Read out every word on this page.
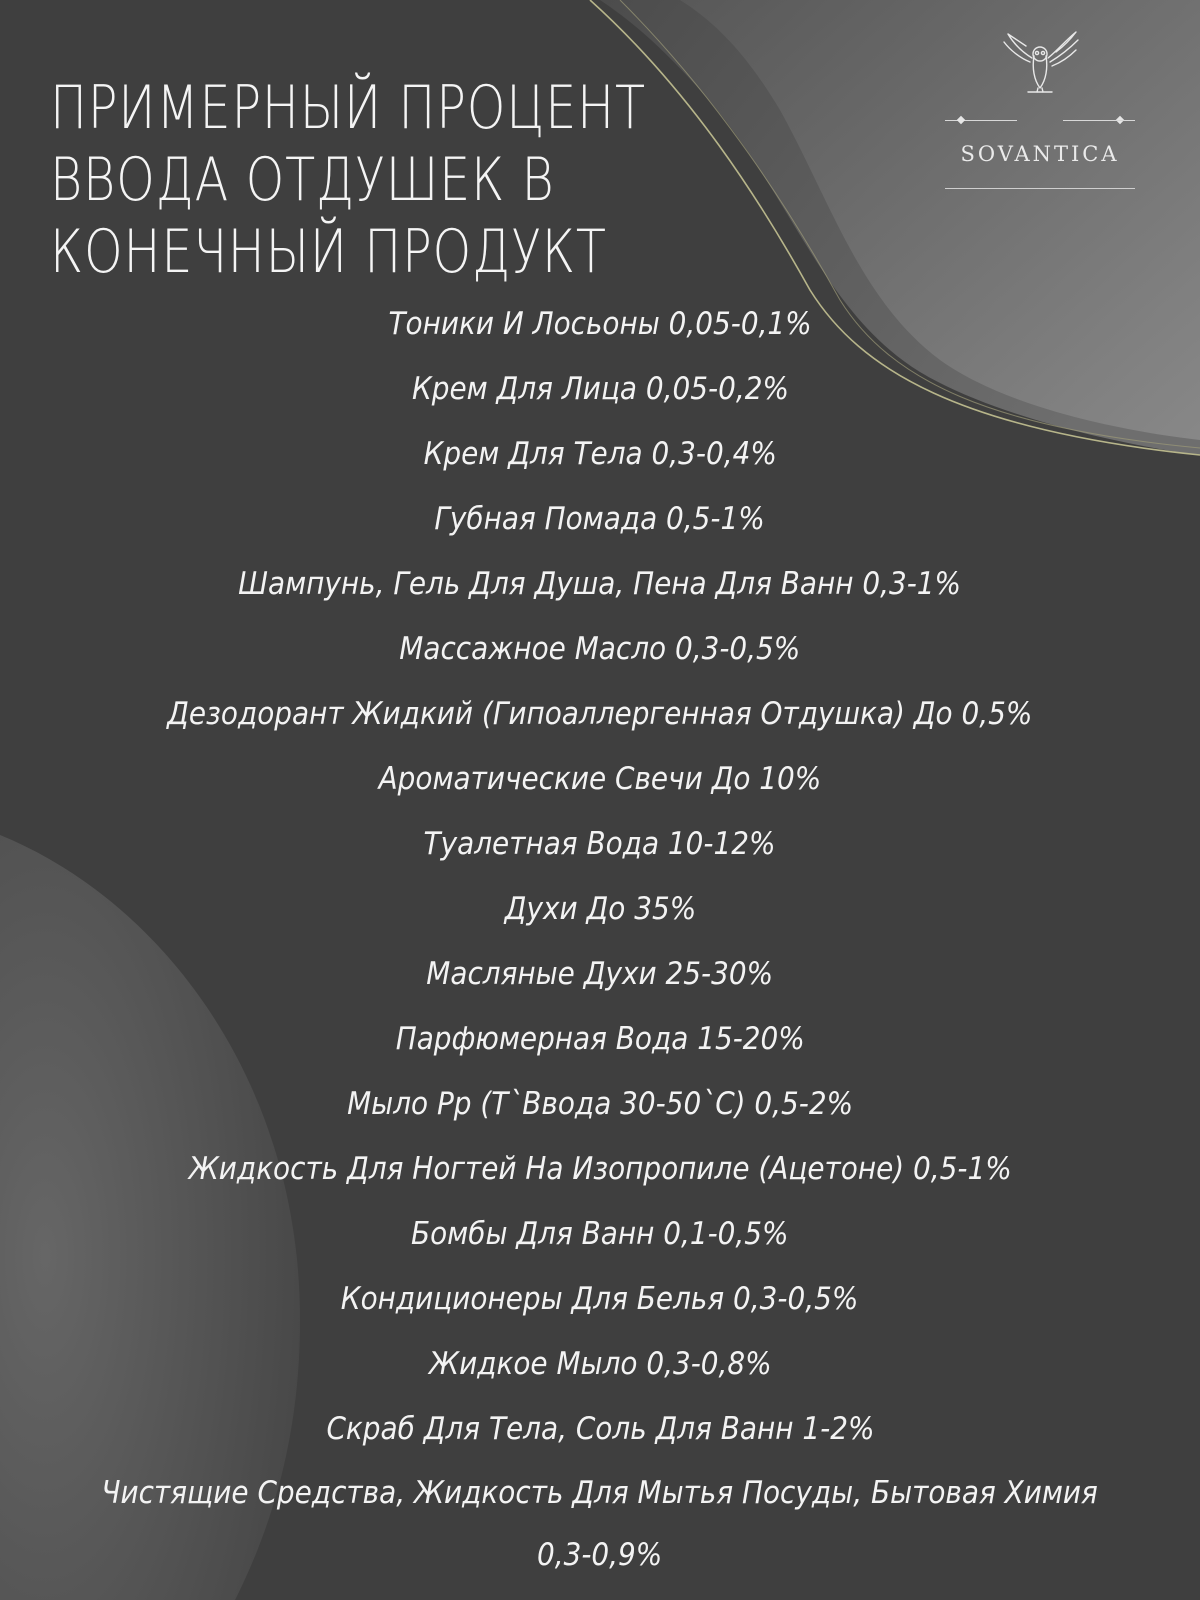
ПРИМЕРНЫЙ ПРОЦЕНТ
ВВОДА ОТДУШЕК В
КОНЕЧНЫЙ ПРОДУКТ
SOVANTICA
Тоники И Лосьоны 0,05-0,1%
Крем Для Лица 0,05-0,2%
Крем Для Тела 0,3-0,4%
Губная Помада 0,5-1%
Шампунь, Гель Для Душа, Пена Для Ванн 0,3-1%
Массажное Масло 0,3-0,5%
Дезодорант Жидкий (Гипоаллергенная Отдушка) До 0,5%
Ароматические Свечи До 10%
Туалетная Вода 10-12%
Духи До 35%
Масляные Духи 25-30%
Парфюмерная Вода 15-20%
Мыло Рр (Т`Ввода 30-50`С) 0,5-2%
Жидкость Для Ногтей На Изопропиле (Ацетоне) 0,5-1%
Бомбы Для Ванн 0,1-0,5%
Кондиционеры Для Белья 0,3-0,5%
Жидкое Мыло 0,3-0,8%
Скраб Для Тела, Соль Для Ванн 1-2%
Чистящие Средства, Жидкость Для Мытья Посуды, Бытовая Химия
0,3-0,9%
